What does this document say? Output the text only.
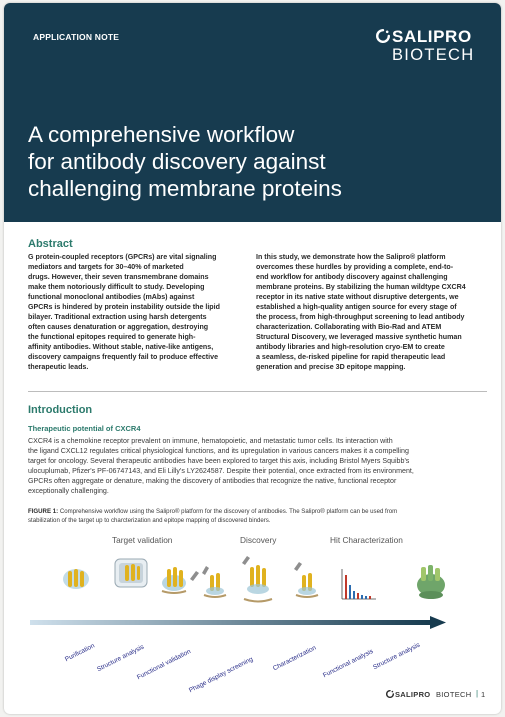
APPLICATION NOTE	SALIPRO
BIOTECH
A comprehensive workflow
for antibody discovery against
challenging membrane proteins
Abstract
G protein-coupled receptors (GPCRs) are vital signaling
mediators and targets for 30–40% of marketed
drugs. However, their seven transmembrane domains
make them notoriously difficult to study. Developing
functional monoclonal antibodies (mAbs) against
GPCRs is hindered by protein instability outside the lipid
bilayer. Traditional extraction using harsh detergents
often causes denaturation or aggregation, destroying
the functional epitopes required to generate high-
affinity antibodies. Without stable, native-like antigens,
discovery campaigns frequently fail to produce effective
therapeutic leads.
In this study, we demonstrate how the Salipro® platform
overcomes these hurdles by providing a complete, end-to-
end workflow for antibody discovery against challenging
membrane proteins. By stabilizing the human wildtype CXCR4
receptor in its native state without disruptive detergents, we
established a high-quality antigen source for every stage of
the process, from high-throughput screening to lead antibody
characterization. Collaborating with Bio-Rad and ATEM
Structural Discovery, we leveraged massive synthetic human
antibody libraries and high-resolution cryo-EM to create
a seamless, de-risked pipeline for rapid therapeutic lead
generation and precise 3D epitope mapping.
Introduction
Therapeutic potential of CXCR4
CXCR4 is a chemokine receptor prevalent on immune, hematopoietic, and metastatic tumor cells. Its interaction with
the ligand CXCL12 regulates critical physiological functions, and its upregulation in various cancers makes it a compelling
target for oncology. Several therapeutic antibodies have been explored to target this axis, including Bristol Myers Squibb's
ulocuplumab, Pfizer's PF-06747143, and Eli Lilly's LY2624587. Despite their potential, once extracted from its environment,
GPCRs often aggregate or denature, making the discovery of antibodies that recognize the native, functional receptor
exceptionally challenging.
FIGURE 1: Comprehensive workflow using the Salipro® platform for the discovery of antibodies. The Salipro® platform can be used from
stabilization of the target up to charcterization and epitope mapping of discovered binders.
Target validation	Discovery	Hit Characterization
Purification Structure analysis
Functional validation
Phage display screening	Characterization Functional analysis
Structure analysis
SALIPRO BIOTECH | 1
